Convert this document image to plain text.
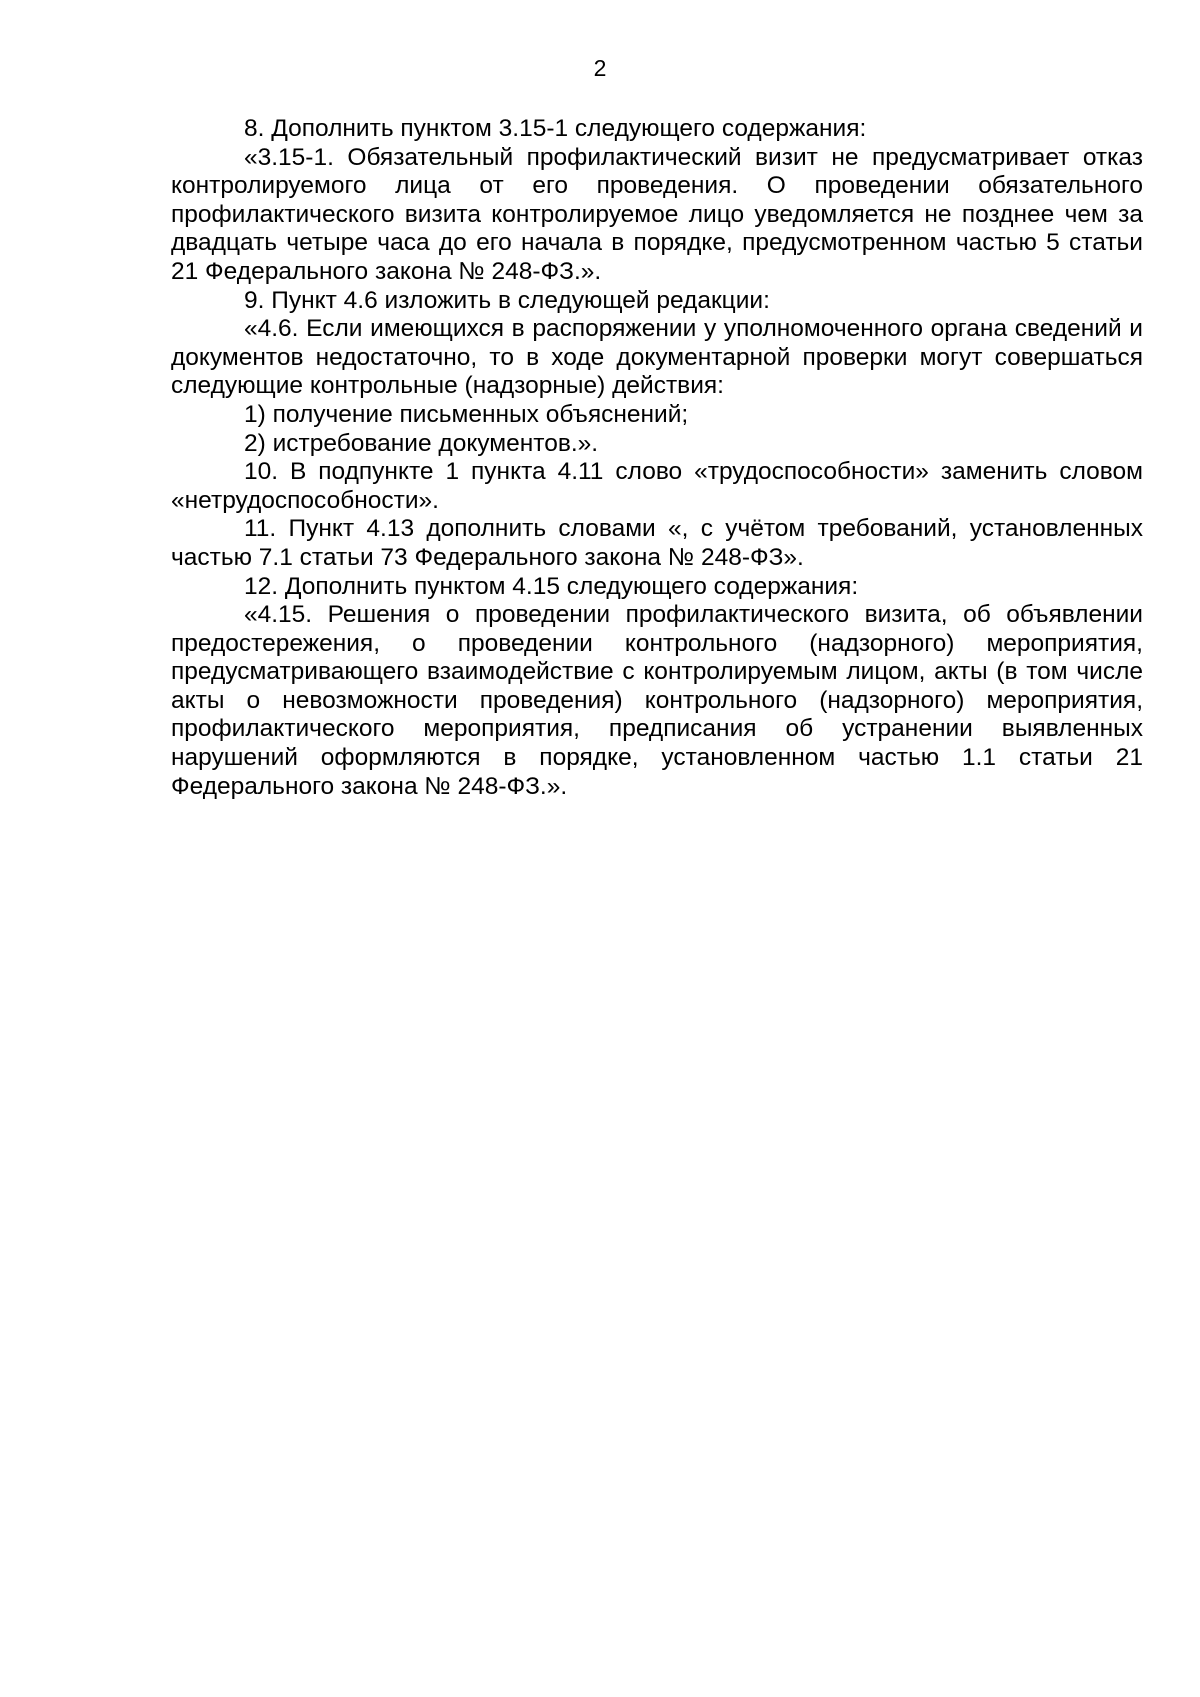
2

8. Дополнить пунктом 3.15-1 следующего содержания:

«3.15-1. Обязательный профилактический визит не предусматривает отказ контролируемого лица от его проведения. О проведении обязательного профилактического визита контролируемое лицо уведомляется не позднее чем за двадцать четыре часа до его начала в порядке, предусмотренном частью 5 статьи 21 Федерального закона № 248-ФЗ.».

9. Пункт 4.6 изложить в следующей редакции:

«4.6. Если имеющихся в распоряжении у уполномоченного органа сведений и документов недостаточно, то в ходе документарной проверки могут совершаться следующие контрольные (надзорные) действия:

1) получение письменных объяснений;

2) истребование документов.».

10. В подпункте 1 пункта 4.11 слово «трудоспособности» заменить словом «нетрудоспособности».

11. Пункт 4.13 дополнить словами «, с учётом требований, установленных частью 7.1 статьи 73 Федерального закона № 248-ФЗ».

12. Дополнить пунктом 4.15 следующего содержания:

«4.15. Решения о проведении профилактического визита, об объявлении предостережения, о проведении контрольного (надзорного) мероприятия, предусматривающего взаимодействие с контролируемым лицом, акты (в том числе акты о невозможности проведения) контрольного (надзорного) мероприятия, профилактического мероприятия, предписания об устранении выявленных нарушений оформляются в порядке, установленном частью 1.1 статьи 21 Федерального закона № 248-ФЗ.».
